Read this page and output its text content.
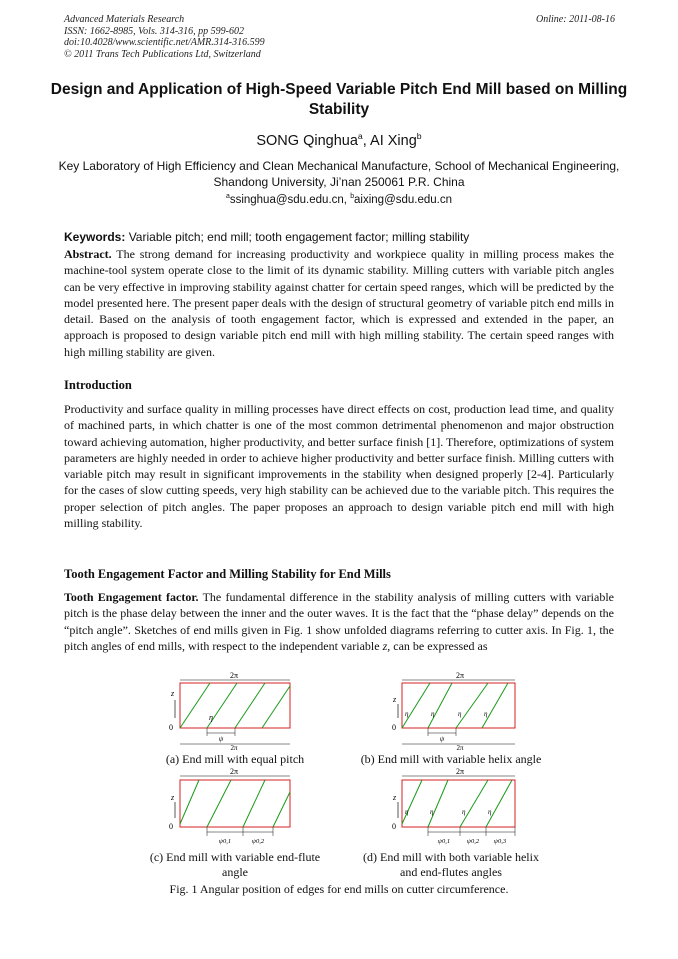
Advanced Materials Research
ISSN: 1662-8985, Vols. 314-316, pp 599-602
doi:10.4028/www.scientific.net/AMR.314-316.599
© 2011 Trans Tech Publications Ltd, Switzerland
Online: 2011-08-16
Design and Application of High-Speed Variable Pitch End Mill based on Milling Stability
SONG Qinghua$^a$, AI Xing$^b$
Key Laboratory of High Efficiency and Clean Mechanical Manufacture, School of Mechanical Engineering, Shandong University, Ji’nan 250061 P.R. China
$^a$ssinghua@sdu.edu.cn, $^b$aixing@sdu.edu.cn
Keywords: Variable pitch; end mill; tooth engagement factor; milling stability
Abstract. The strong demand for increasing productivity and workpiece quality in milling process makes the machine-tool system operate close to the limit of its dynamic stability. Milling cutters with variable pitch angles can be very effective in improving stability against chatter for certain speed ranges, which will be predicted by the model presented here. The present paper deals with the design of structural geometry of variable pitch end mills in detail. Based on the analysis of tooth engagement factor, which is expressed and extended in the paper, an approach is proposed to design variable pitch end mill with high milling stability. The certain speed ranges with high milling stability are given.
Introduction
Productivity and surface quality in milling processes have direct effects on cost, production lead time, and quality of machined parts, in which chatter is one of the most common detrimental phenomenon and major obstruction toward achieving automation, higher productivity, and better surface finish [1]. Therefore, optimizations of system parameters are highly needed in order to achieve higher productivity and better surface finish. Milling cutters with variable pitch may result in significant improvements in the stability when designed properly [2-4]. Particularly for the cases of slow cutting speeds, very high stability can be achieved due to the variable pitch. This requires the proper selection of pitch angles. The paper proposes an approach to design variable pitch end mill with high milling stability.
Tooth Engagement Factor and Milling Stability for End Mills
Tooth Engagement factor. The fundamental difference in the stability analysis of milling cutters with variable pitch is the phase delay between the inner and the outer waves. It is the fact that the “phase delay” depends on the “pitch angle”. Sketches of end mills given in Fig. 1 show unfolded diagrams referring to cutter axis. In Fig. 1, the pitch angles of end mills, with respect to the independent variable z, can be expressed as
2π
z
0
η
ψ
2π
2π
z
0
η	η	η	η
ψ
2π
(a) End mill with equal pitch	(b) End mill with variable helix angle
2π
z
0
ψ0,1	ψ0,2
2π
z
0
η	η	η	η
ψ0,1	ψ0,2 ψ0,3
(c) End mill with variable end-flute
angle
(d) End mill with both variable helix
and end-flutes angles
Fig. 1 Angular position of edges for end mills on cutter circumference.
